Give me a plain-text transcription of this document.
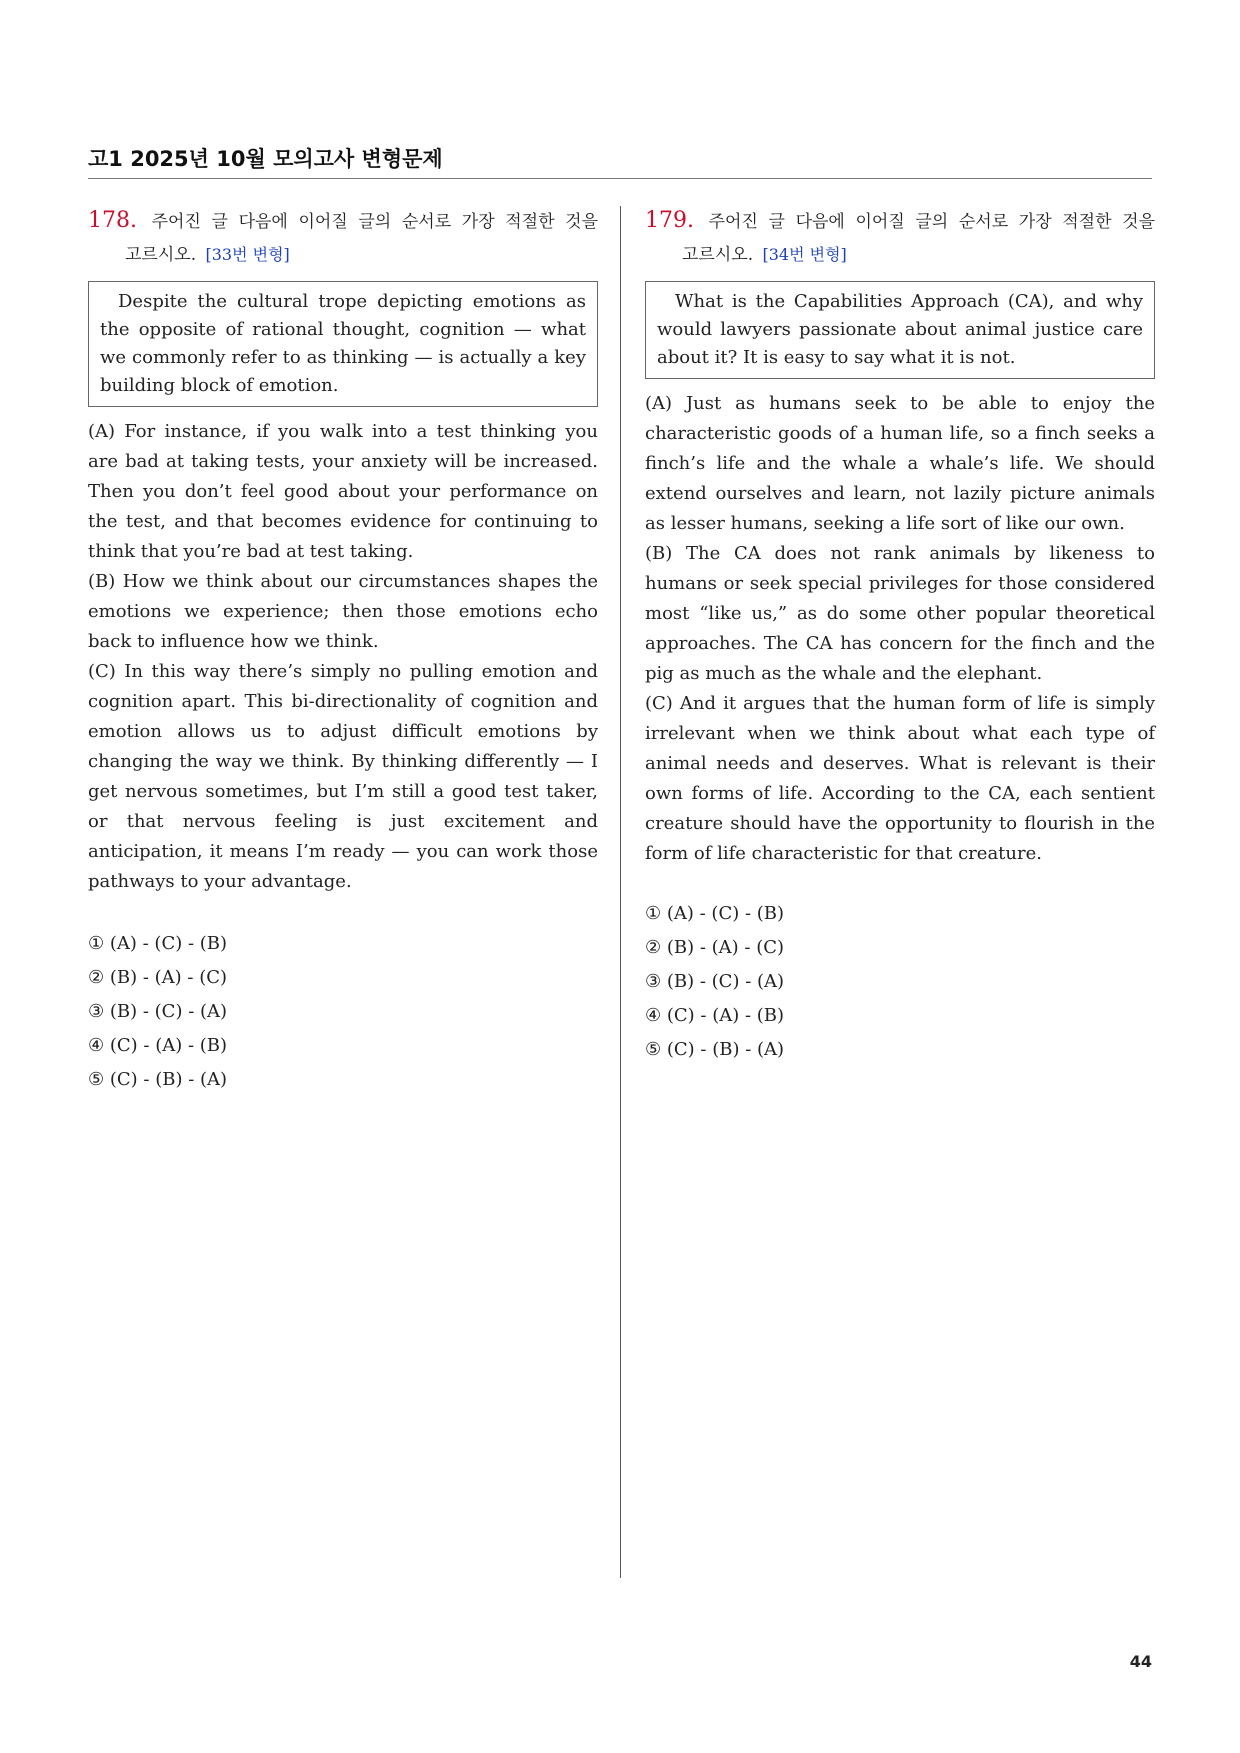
고1 2025년 10월 모의고사 변형문제
178. 주어진 글 다음에 이어질 글의 순서로 가장 적절한 것을
고르시오. [33번 변형]

Despite the cultural trope depicting emotions as the opposite of rational thought, cognition — what we commonly refer to as thinking — is actually a key building block of emotion.

(A) For instance, if you walk into a test thinking you are bad at taking tests, your anxiety will be increased. Then you don’t feel good about your performance on the test, and that becomes evidence for continuing to think that you’re bad at test taking.

(B) How we think about our circumstances shapes the emotions we experience; then those emotions echo back to influence how we think.

(C) In this way there’s simply no pulling emotion and cognition apart. This bi-directionality of cognition and emotion allows us to adjust difficult emotions by changing the way we think. By thinking differently — I get nervous sometimes, but I’m still a good test taker, or that nervous feeling is just excitement and anticipation, it means I’m ready — you can work those pathways to your advantage.

① (A) - (C) - (B)
② (B) - (A) - (C)
③ (B) - (C) - (A)
④ (C) - (A) - (B)
⑤ (C) - (B) - (A)
179. 주어진 글 다음에 이어질 글의 순서로 가장 적절한 것을
고르시오. [34번 변형]

What is the Capabilities Approach (CA), and why would lawyers passionate about animal justice care about it? It is easy to say what it is not.

(A) Just as humans seek to be able to enjoy the characteristic goods of a human life, so a finch seeks a finch’s life and the whale a whale’s life. We should extend ourselves and learn, not lazily picture animals as lesser humans, seeking a life sort of like our own.

(B) The CA does not rank animals by likeness to humans or seek special privileges for those considered most “like us,” as do some other popular theoretical approaches. The CA has concern for the finch and the pig as much as the whale and the elephant.

(C) And it argues that the human form of life is simply irrelevant when we think about what each type of animal needs and deserves. What is relevant is their own forms of life. According to the CA, each sentient creature should have the opportunity to flourish in the form of life characteristic for that creature.

① (A) - (C) - (B)
② (B) - (A) - (C)
③ (B) - (C) - (A)
④ (C) - (A) - (B)
⑤ (C) - (B) - (A)
44
